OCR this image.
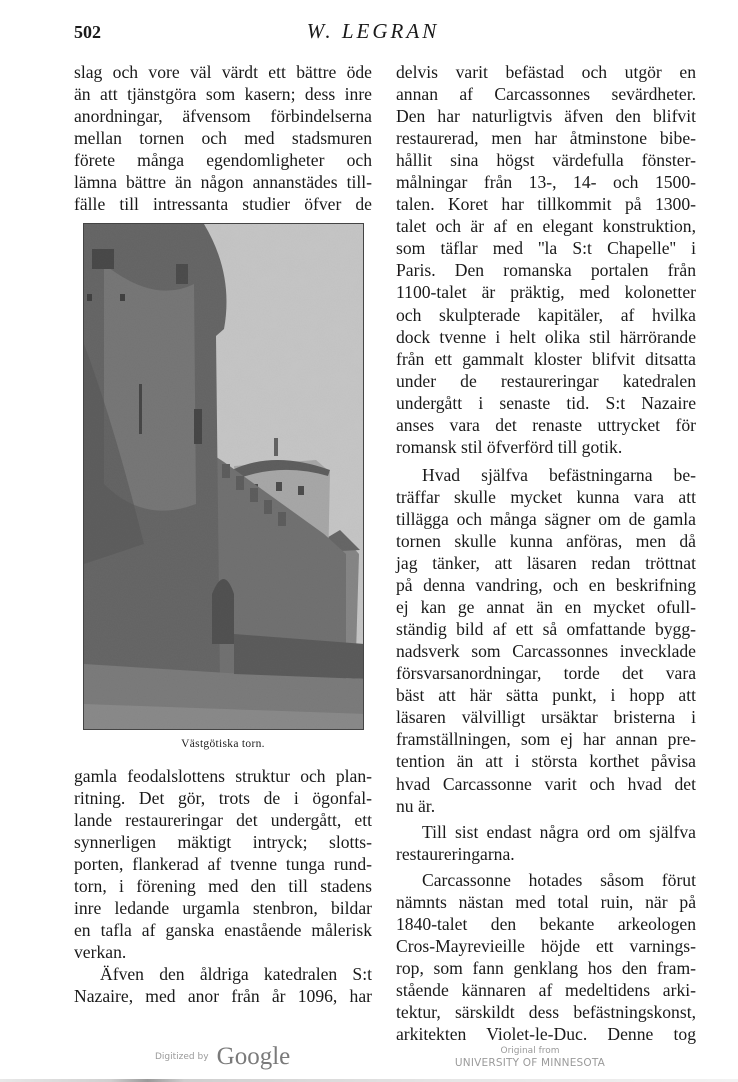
502	W. LEGRAN
slag och vore väl värdt ett bättre öde
än att tjänstgöra som kasern; dess inre
anordningar, äfvensom förbindelserna
mellan tornen och med stadsmuren
förete många egendomligheter och
lämna bättre än någon annanstädes till-
fälle till intressanta studier öfver de
Västgötiska torn.
gamla feodalslottens struktur och plan-
ritning. Det gör, trots de i ögonfal-
lande restaureringar det undergått, ett
synnerligen mäktigt intryck; slotts-
porten, flankerad af tvenne tunga rund-
torn, i förening med den till stadens
inre ledande urgamla stenbron, bildar
en tafla af ganska enastående målerisk
verkan.
Äfven den åldriga katedralen S:t
Nazaire, med anor från år 1096, har
delvis varit befästad och utgör en
annan af Carcassonnes sevärdheter.
Den har naturligtvis äfven den blifvit
restaurerad, men har åtminstone bibe-
hållit sina högst värdefulla fönster-
målningar från 13-, 14- och 1500-
talen. Koret har tillkommit på 1300-
talet och är af en elegant konstruktion,
som täflar med ''la S:t Chapelle'' i
Paris. Den romanska portalen från
1100-talet är präktig, med kolonetter
och skulpterade kapitäler, af hvilka
dock tvenne i helt olika stil härrörande
från ett gammalt kloster blifvit ditsatta
under de restaureringar katedralen
undergått i senaste tid. S:t Nazaire
anses vara det renaste uttrycket för
romansk stil öfverförd till gotik.
Hvad själfva befästningarna be-
träffar skulle mycket kunna vara att
tillägga och många sägner om de gamla
tornen skulle kunna anföras, men då
jag tänker, att läsaren redan tröttnat
på denna vandring, och en beskrifning
ej kan ge annat än en mycket ofull-
ständig bild af ett så omfattande bygg-
nadsverk som Carcassonnes invecklade
försvarsanordningar, torde det vara
bäst att här sätta punkt, i hopp att
läsaren välvilligt ursäktar bristerna i
framställningen, som ej har annan pre-
tention än att i största korthet påvisa
hvad Carcassonne varit och hvad det
nu är.
Till sist endast några ord om själfva
restaureringarna.
Carcassonne hotades såsom förut
nämnts nästan med total ruin, när på
1840-talet den bekante arkeologen
Cros-Mayrevieille höjde ett varnings-
rop, som fann genklang hos den fram-
stående kännaren af medeltidens arki-
tektur, särskildt dess befästningskonst,
arkitekten Violet-le-Duc. Denne tog
Digitized by Google	Original from
UNIVERSITY OF MINNESOTA
